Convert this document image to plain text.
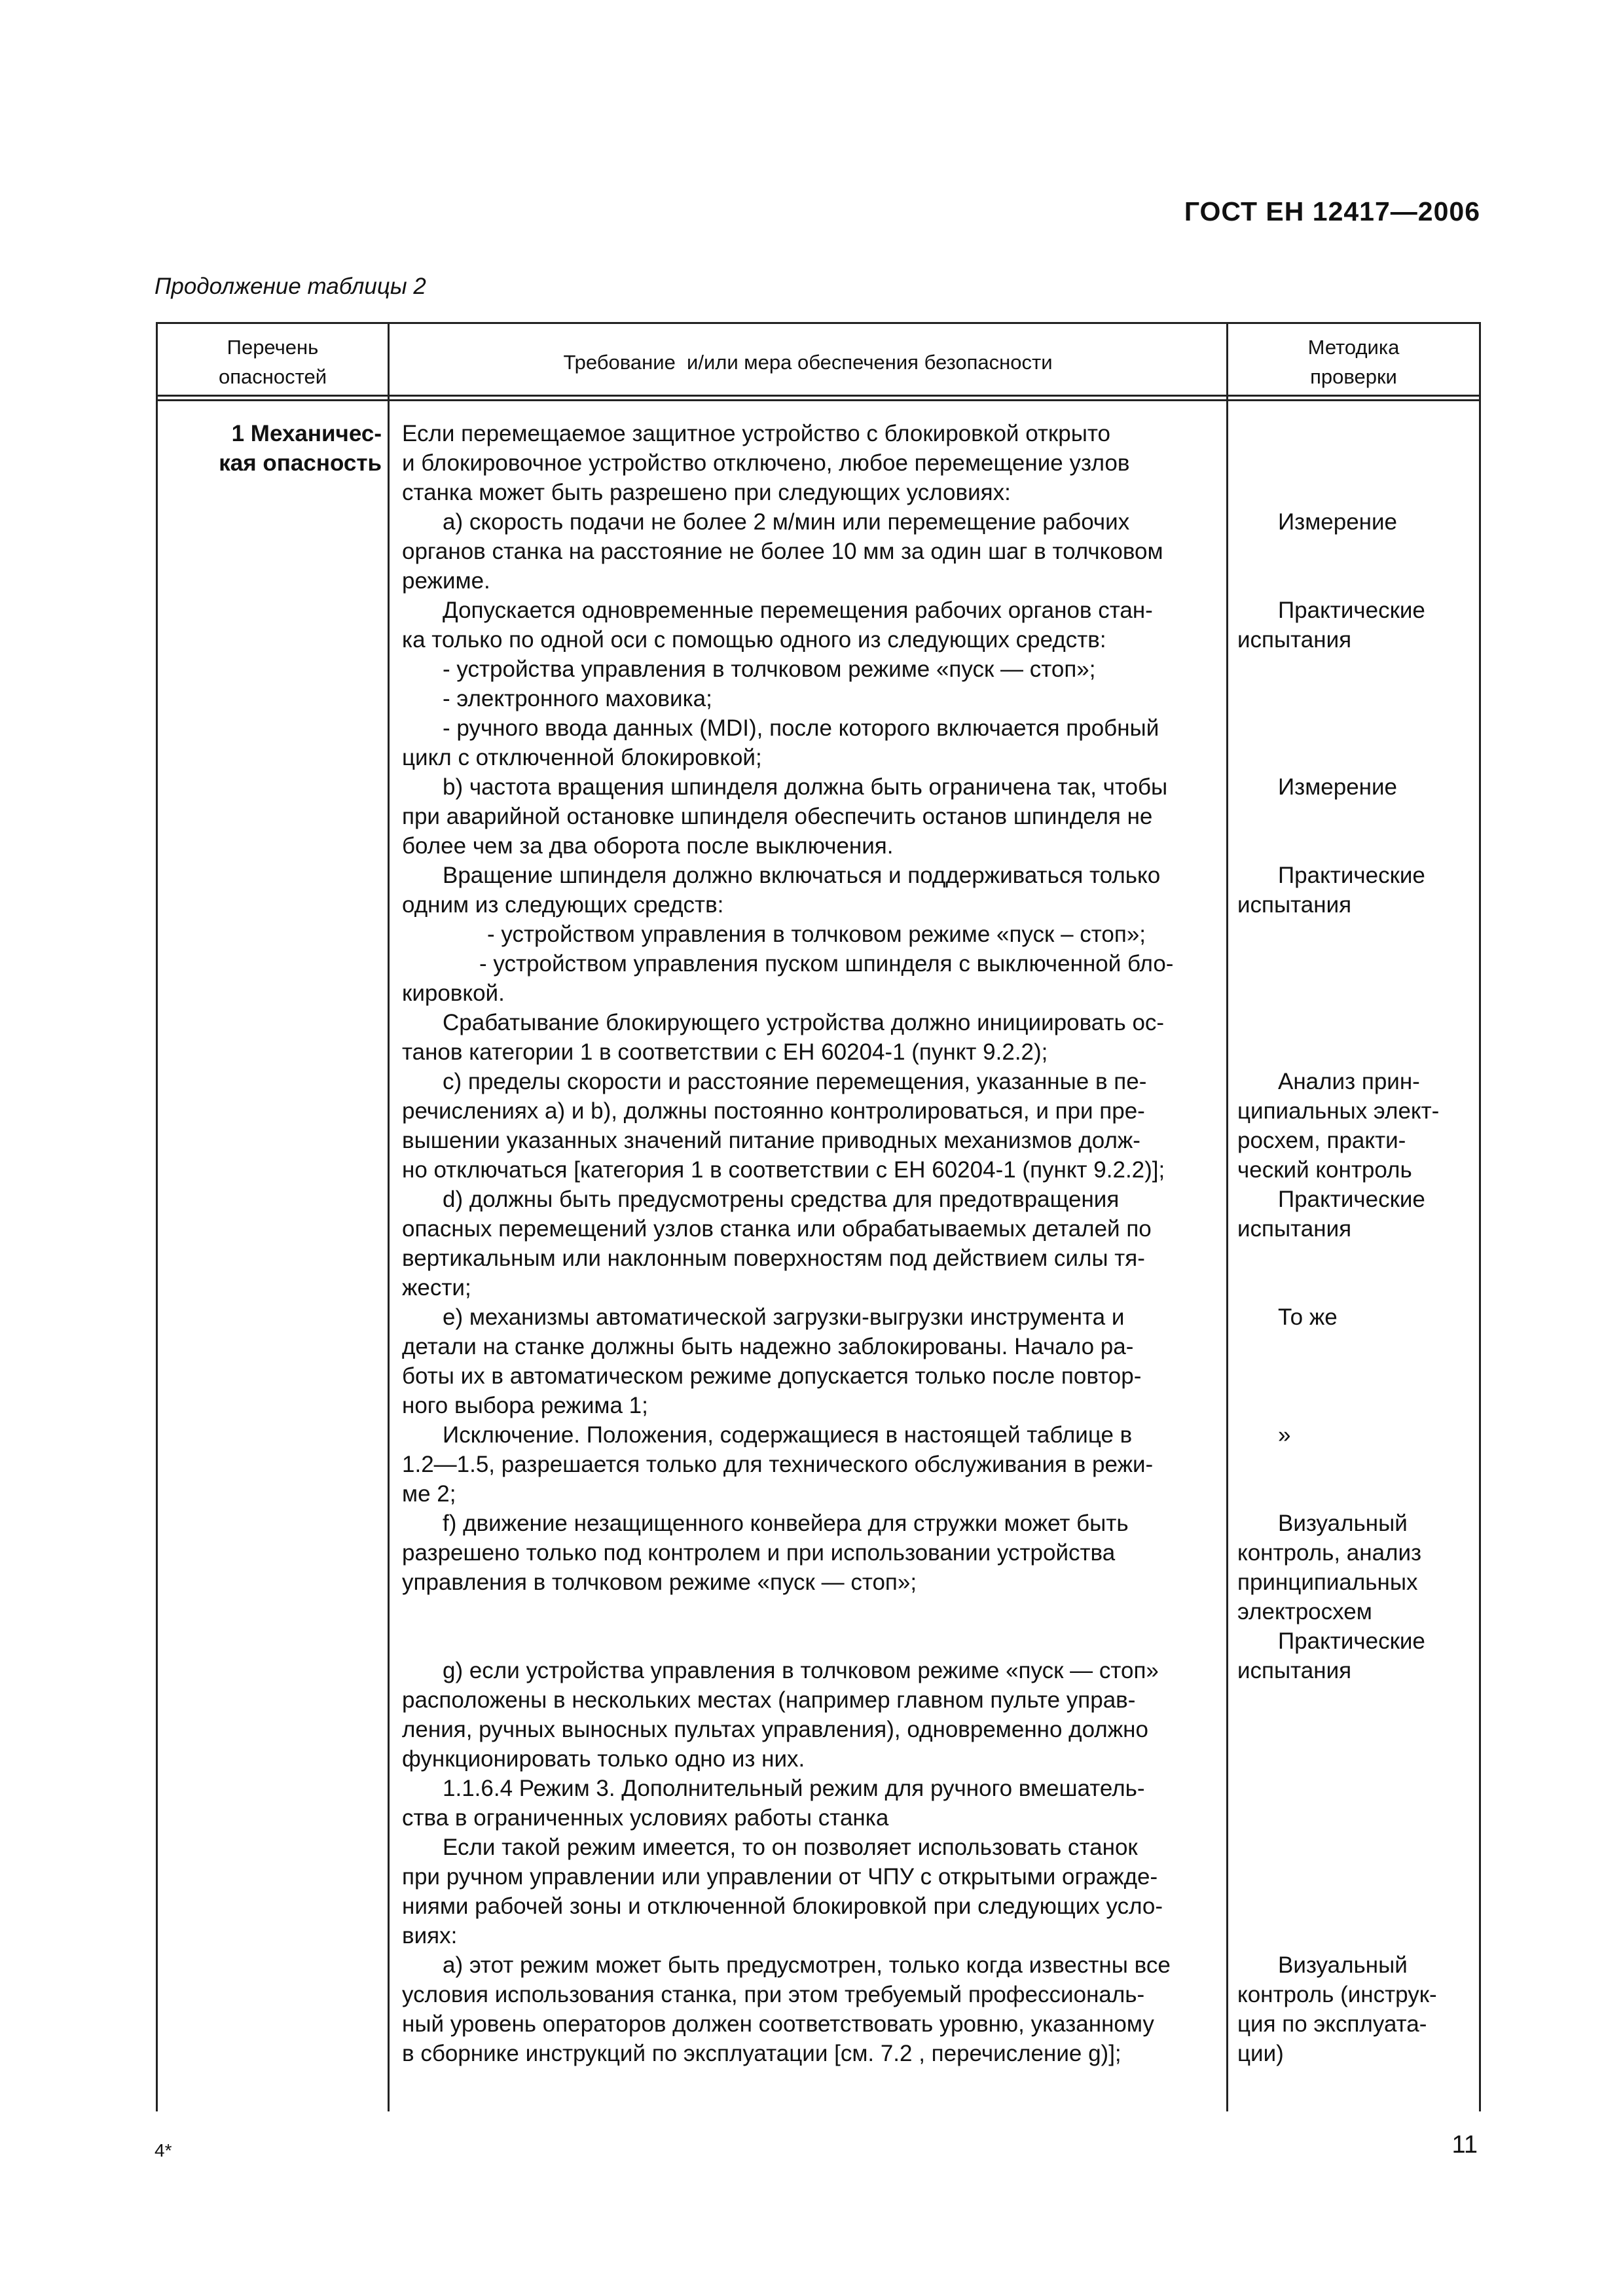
ГОСТ ЕН 12417—2006
Продолжение таблицы 2
Перечень
опасностей
Требование  и/или мера обеспечения безопасности
Методика
проверки
1 Механичес-
кая опасность
Если перемещаемое защитное устройство с блокировкой открыто
и блокировочное устройство отключено, любое перемещение узлов
станка может быть разрешено при следующих условиях:
а) скорость подачи не более 2 м/мин или перемещение рабочих
органов станка на расстояние не более 10 мм за один шаг в толчковом
режиме.
Допускается одновременные перемещения рабочих органов стан-
ка только по одной оси с помощью одного из следующих средств:
- устройства управления в толчковом режиме «пуск — стоп»;
- электронного маховика;
- ручного ввода данных (MDI), после которого включается пробный
цикл с отключенной блокировкой;
b) частота вращения шпинделя должна быть ограничена так, чтобы
при аварийной остановке шпинделя обеспечить останов шпинделя не
более чем за два оборота после выключения.
Вращение шпинделя должно включаться и поддерживаться только
одним из следующих средств:
- устройством управления в толчковом режиме «пуск – стоп»;
- устройством управления пуском шпинделя с выключенной бло-
кировкой.
Срабатывание блокирующего устройства должно инициировать ос-
танов категории 1 в соответствии с ЕН 60204-1 (пункт 9.2.2);
c) пределы скорости и расстояние перемещения, указанные в пе-
речислениях а) и b), должны постоянно контролироваться, и при пре-
вышении указанных значений питание приводных механизмов долж-
но отключаться [категория 1 в соответствии с ЕН 60204-1 (пункт 9.2.2)];
d) должны быть предусмотрены средства для предотвращения
опасных перемещений узлов станка или обрабатываемых деталей по
вертикальным или наклонным поверхностям под действием силы тя-
жести;
e) механизмы автоматической загрузки-выгрузки инструмента и
детали на станке должны быть надежно заблокированы. Начало ра-
боты их в автоматическом режиме допускается только после повтор-
ного выбора режима 1;
Исключение. Положения, содержащиеся в настоящей таблице в
1.2—1.5, разрешается только для технического обслуживания в режи-
ме 2;
f) движение незащищенного конвейера для стружки может быть
разрешено только под контролем и при использовании устройства
управления в толчковом режиме «пуск — стоп»;
g) если устройства управления в толчковом режиме «пуск — стоп»
расположены в нескольких местах (например главном пульте управ-
ления, ручных выносных пультах управления), одновременно должно
функционировать только одно из них.
1.1.6.4 Режим 3. Дополнительный режим для ручного вмешатель-
ства в ограниченных условиях работы станка
Если такой режим имеется, то он позволяет использовать станок
при ручном управлении или управлении от ЧПУ с открытыми огражде-
ниями рабочей зоны и отключенной блокировкой при следующих усло-
виях:
а) этот режим может быть предусмотрен, только когда известны все
условия использования станка, при этом требуемый профессиональ-
ный уровень операторов должен соответствовать уровню, указанному
в сборнике инструкций по эксплуатации [см. 7.2 , перечисление g)];
Измерение
Практические
испытания
Измерение
Практические
испытания
Анализ прин-
ципиальных элект-
росхем, практи-
ческий контроль
Практические
испытания
То же
»
Визуальный
контроль, анализ
принципиальных
электросхем
Практические
испытания
Визуальный
контроль (инструк-
ция по эксплуата-
ции)
4*	11
